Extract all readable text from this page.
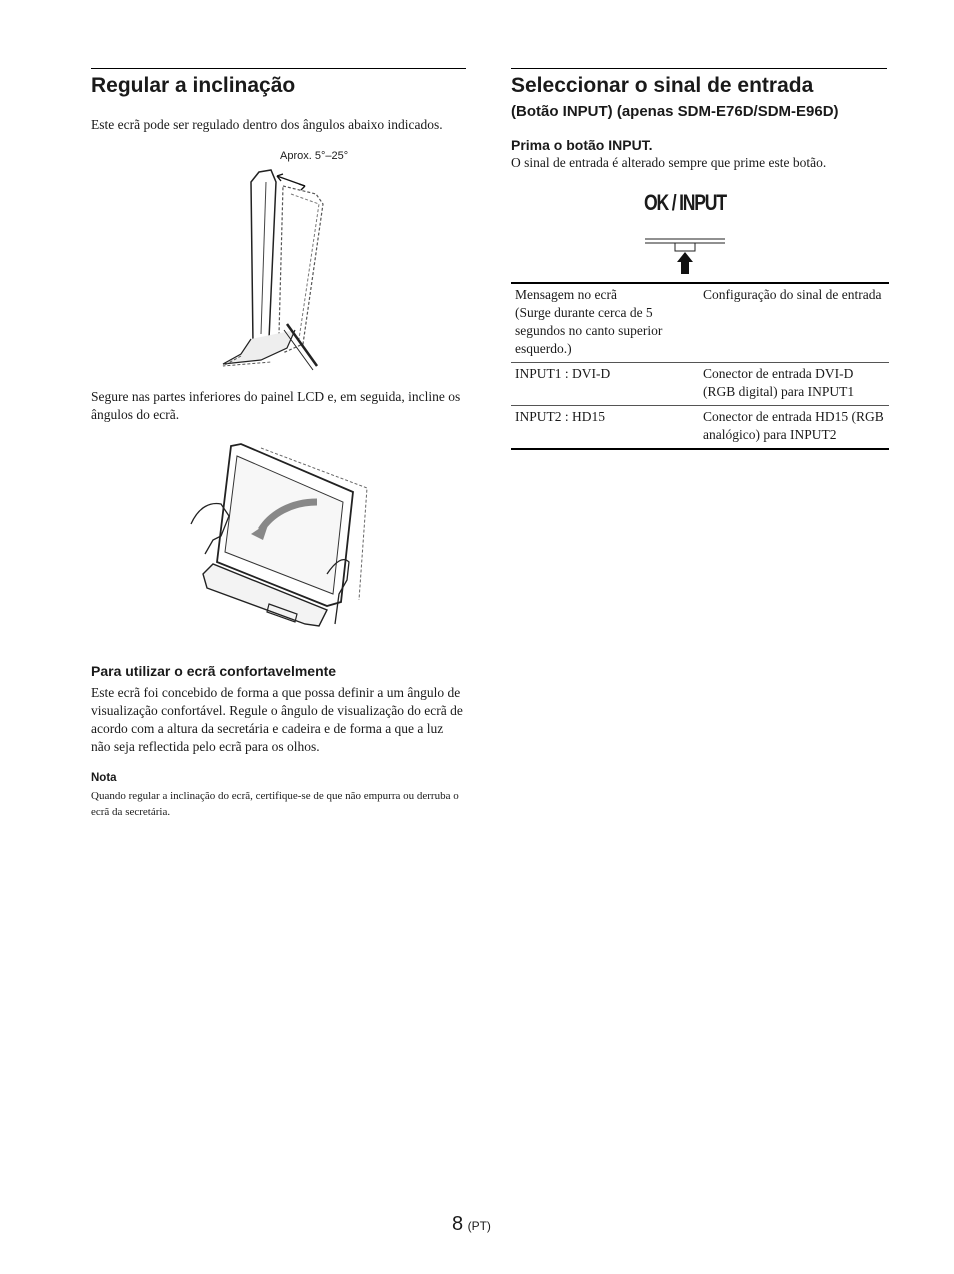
Regular a inclinação

Este ecrã pode ser regulado dentro dos ângulos abaixo indicados.

Aprox. 5°–25°

Segure nas partes inferiores do painel LCD e, em seguida, incline os ângulos do ecrã.

Para utilizar o ecrã confortavelmente

Este ecrã foi concebido de forma a que possa definir a um ângulo de visualização confortável. Regule o ângulo de visualização do ecrã de acordo com a altura da secretária e cadeira e de forma a que a luz não seja reflectida pelo ecrã para os olhos.

Nota

Quando regular a inclinação do ecrã, certifique-se de que não empurra ou derruba o ecrã da secretária.

Seleccionar o sinal de entrada
(Botão INPUT) (apenas SDM-E76D/SDM-E96D)
Prima o botão INPUT.

O sinal de entrada é alterado sempre que prime este botão.

OK / INPUT
Mensagem no ecrã
(Surge durante cerca de 5 segundos no canto superior esquerdo.)	Configuração do sinal de entrada
INPUT1 : DVI-D	Conector de entrada DVI-D (RGB digital) para INPUT1
INPUT2 : HD15	Conector de entrada HD15 (RGB analógico) para INPUT2
8 (PT)
